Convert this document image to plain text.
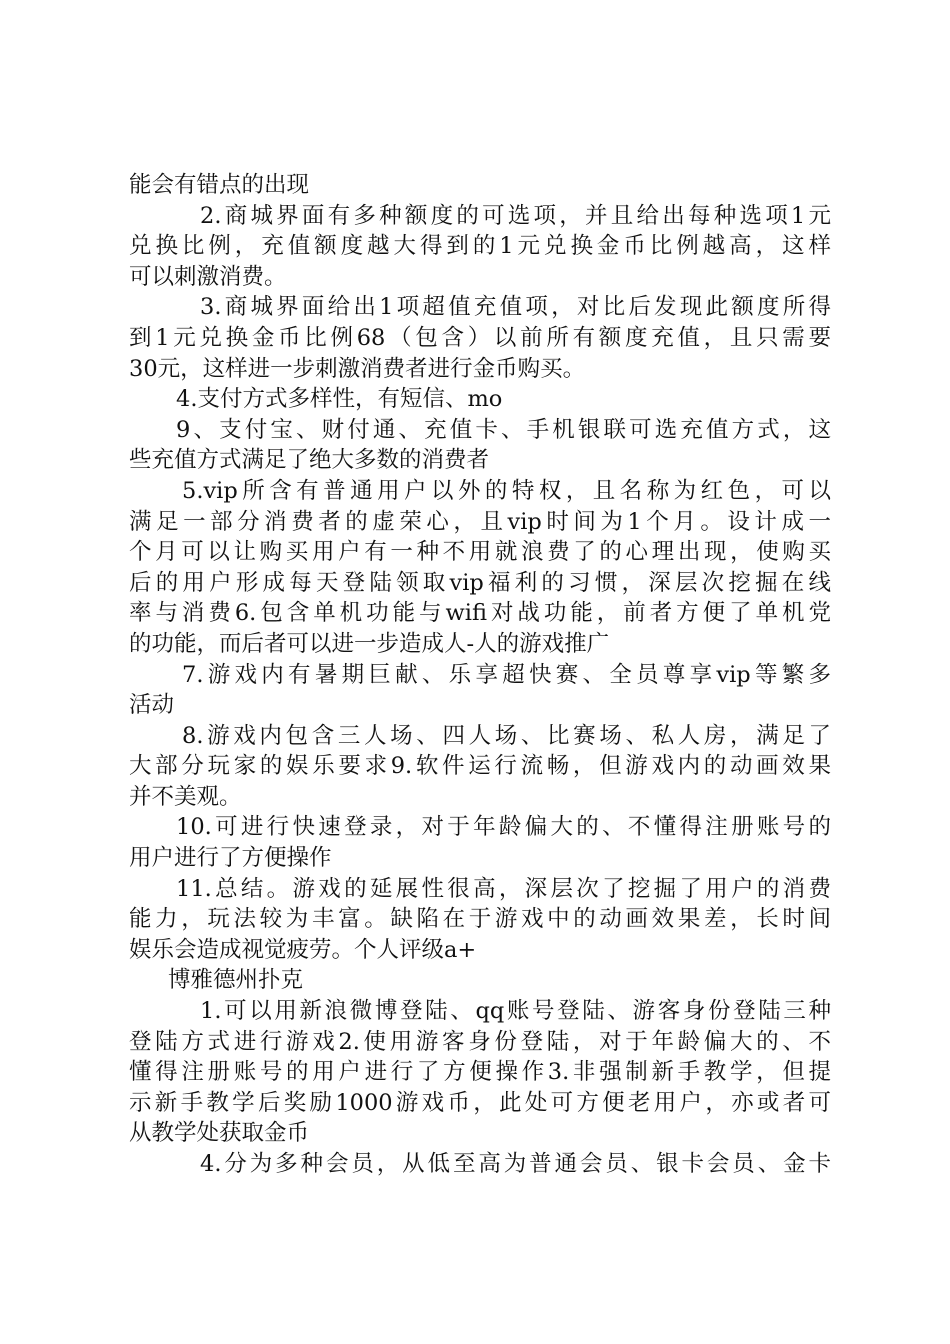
能会有错点的出现
2.商城界面有多种额度的可选项，并且给出每种选项1元
兑换比例，充值额度越大得到的1元兑换金币比例越高，这样
可以刺激消费。
3.商城界面给出1项超值充值项，对比后发现此额度所得
到1元兑换金币比例68（包含）以前所有额度充值，且只需要
30元，这样进一步刺激消费者进行金币购买。
4.支付方式多样性，有短信、mo
9、支付宝、财付通、充值卡、手机银联可选充值方式，这
些充值方式满足了绝大多数的消费者
5.vip所含有普通用户以外的特权，且名称为红色，可以
满足一部分消费者的虚荣心，且vip时间为1个月。设计成一
个月可以让购买用户有一种不用就浪费了的心理出现，使购买
后的用户形成每天登陆领取vip福利的习惯，深层次挖掘在线
率与消费6.包含单机功能与wifi对战功能，前者方便了单机党
的功能，而后者可以进一步造成人-人的游戏推广
7.游戏内有暑期巨献、乐享超快赛、全员尊享vip等繁多
活动
8.游戏内包含三人场、四人场、比赛场、私人房，满足了
大部分玩家的娱乐要求9.软件运行流畅，但游戏内的动画效果
并不美观。
10.可进行快速登录，对于年龄偏大的、不懂得注册账号的
用户进行了方便操作
11.总结。游戏的延展性很高，深层次了挖掘了用户的消费
能力，玩法较为丰富。缺陷在于游戏中的动画效果差，长时间
娱乐会造成视觉疲劳。个人评级a+
博雅德州扑克
1.可以用新浪微博登陆、qq账号登陆、游客身份登陆三种
登陆方式进行游戏2.使用游客身份登陆，对于年龄偏大的、不
懂得注册账号的用户进行了方便操作3.非强制新手教学，但提
示新手教学后奖励1000游戏币，此处可方便老用户，亦或者可
从教学处获取金币
4.分为多种会员，从低至高为普通会员、银卡会员、金卡
